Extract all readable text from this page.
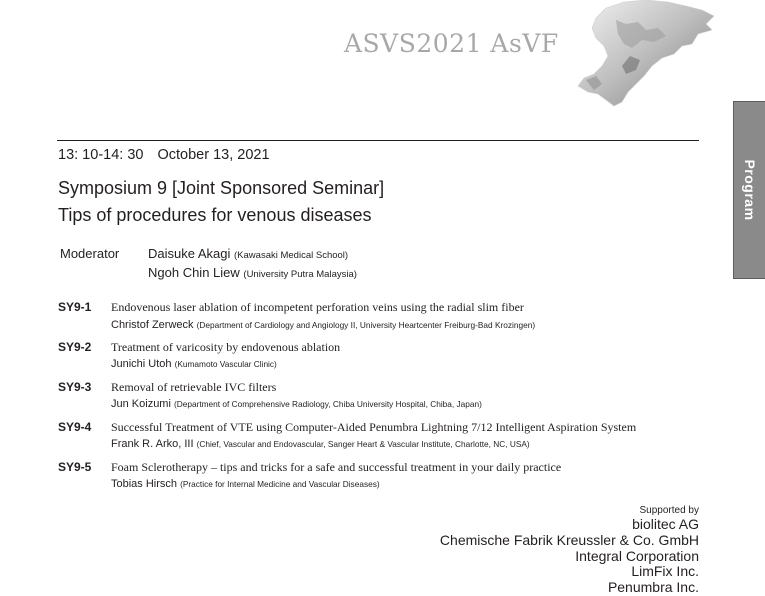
ASVS2021 AsVF
Program
13: 10-14: 30 October 13, 2021
Symposium 9 [Joint Sponsored Seminar]
Tips of procedures for venous diseases
Moderator Daisuke Akagi (Kawasaki Medical School)
Ngoh Chin Liew (University Putra Malaysia)
SY9-1 Endovenous laser ablation of incompetent perforation veins using the radial slim fiber
Christof Zerweck (Department of Cardiology and Angiology II, University Heartcenter Freiburg-Bad Krozingen)
SY9-2 Treatment of varicosity by endovenous ablation
Junichi Utoh (Kumamoto Vascular Clinic)
SY9-3 Removal of retrievable IVC filters
Jun Koizumi (Department of Comprehensive Radiology, Chiba University Hospital, Chiba, Japan)
SY9-4 Successful Treatment of VTE using Computer-Aided Penumbra Lightning 7/12 Intelligent Aspiration System
Frank R. Arko, III (Chief, Vascular and Endovascular, Sanger Heart & Vascular Institute, Charlotte, NC, USA)
SY9-5 Foam Sclerotherapy – tips and tricks for a safe and successful treatment in your daily practice
Tobias Hirsch (Practice for Internal Medicine and Vascular Diseases)
Supported by
biolitec AG
Chemische Fabrik Kreussler & Co. GmbH
Integral Corporation
LimFix Inc.
Penumbra Inc.
